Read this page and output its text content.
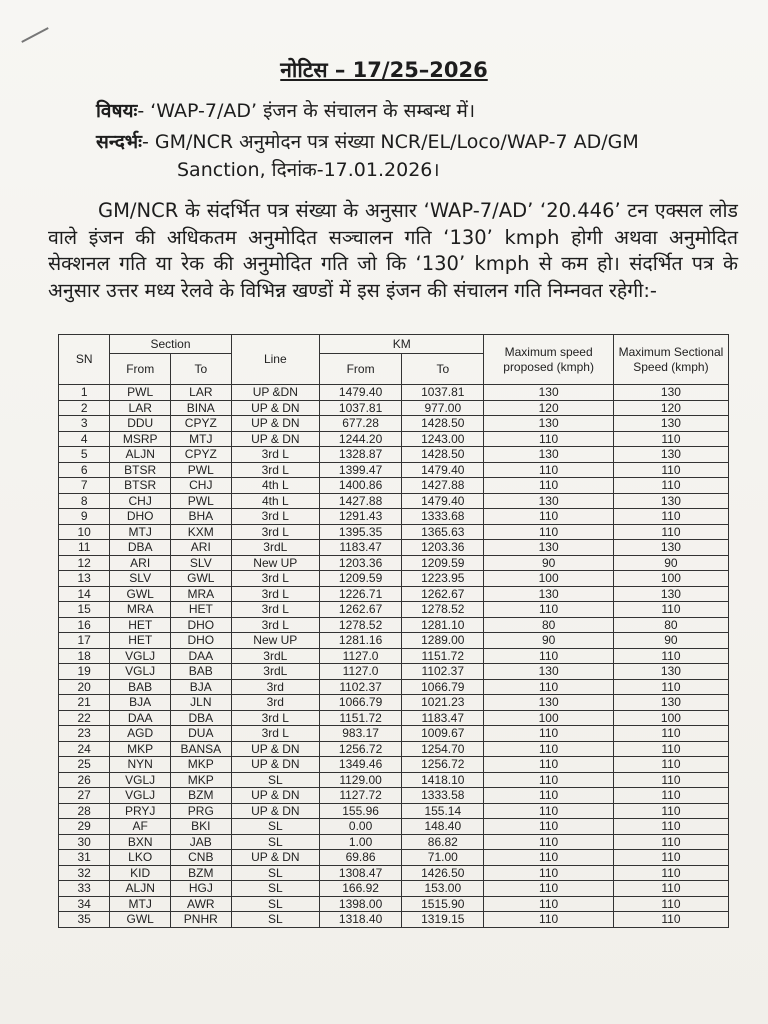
नोटिस – 17/25–2026
विषयः- ‘WAP-7/AD’ इंजन के संचालन के सम्बन्ध में।
सन्दर्भः- GM/NCR अनुमोदन पत्र संख्या NCR/EL/Loco/WAP-7 AD/GM
Sanction, दिनांक-17.01.2026।
GM/NCR के संदर्भित पत्र संख्या के अनुसार ‘WAP-7/AD’ ‘20.446’ टन एक्सल लोड वाले इंजन की अधिकतम अनुमोदित सञ्चालन गति ‘130’ kmph होगी अथवा अनुमोदित सेक्शनल गति या रेक की अनुमोदित गति जो कि ‘130’ kmph से कम हो। संदर्भित पत्र के अनुसार उत्तर मध्य रेलवे के विभिन्न खण्डों में इस इंजन की संचालन गति निम्नवत रहेगी:-
SN	Section		Line	KM		Maximum speed proposed (kmph)	Maximum Sectional Speed (kmph)
	From	To		From	To		
1	PWL	LAR	UP &DN	1479.40	1037.81	130	130
2	LAR	BINA	UP & DN	1037.81	977.00	120	120
3	DDU	CPYZ	UP & DN	677.28	1428.50	130	130
4	MSRP	MTJ	UP & DN	1244.20	1243.00	110	110
5	ALJN	CPYZ	3rd L	1328.87	1428.50	130	130
6	BTSR	PWL	3rd L	1399.47	1479.40	110	110
7	BTSR	CHJ	4th L	1400.86	1427.88	110	110
8	CHJ	PWL	4th L	1427.88	1479.40	130	130
9	DHO	BHA	3rd L	1291.43	1333.68	110	110
10	MTJ	KXM	3rd L	1395.35	1365.63	110	110
11	DBA	ARI	3rdL	1183.47	1203.36	130	130
12	ARI	SLV	New UP	1203.36	1209.59	90	90
13	SLV	GWL	3rd L	1209.59	1223.95	100	100
14	GWL	MRA	3rd L	1226.71	1262.67	130	130
15	MRA	HET	3rd L	1262.67	1278.52	110	110
16	HET	DHO	3rd L	1278.52	1281.10	80	80
17	HET	DHO	New UP	1281.16	1289.00	90	90
18	VGLJ	DAA	3rdL	1127.0	1151.72	110	110
19	VGLJ	BAB	3rdL	1127.0	1102.37	130	130
20	BAB	BJA	3rd	1102.37	1066.79	110	110
21	BJA	JLN	3rd	1066.79	1021.23	130	130
22	DAA	DBA	3rd L	1151.72	1183.47	100	100
23	AGD	DUA	3rd L	983.17	1009.67	110	110
24	MKP	BANSA	UP & DN	1256.72	1254.70	110	110
25	NYN	MKP	UP & DN	1349.46	1256.72	110	110
26	VGLJ	MKP	SL	1129.00	1418.10	110	110
27	VGLJ	BZM	UP & DN	1127.72	1333.58	110	110
28	PRYJ	PRG	UP & DN	155.96	155.14	110	110
29	AF	BKI	SL	0.00	148.40	110	110
30	BXN	JAB	SL	1.00	86.82	110	110
31	LKO	CNB	UP & DN	69.86	71.00	110	110
32	KID	BZM	SL	1308.47	1426.50	110	110
33	ALJN	HGJ	SL	166.92	153.00	110	110
34	MTJ	AWR	SL	1398.00	1515.90	110	110
35	GWL	PNHR	SL	1318.40	1319.15	110	110
